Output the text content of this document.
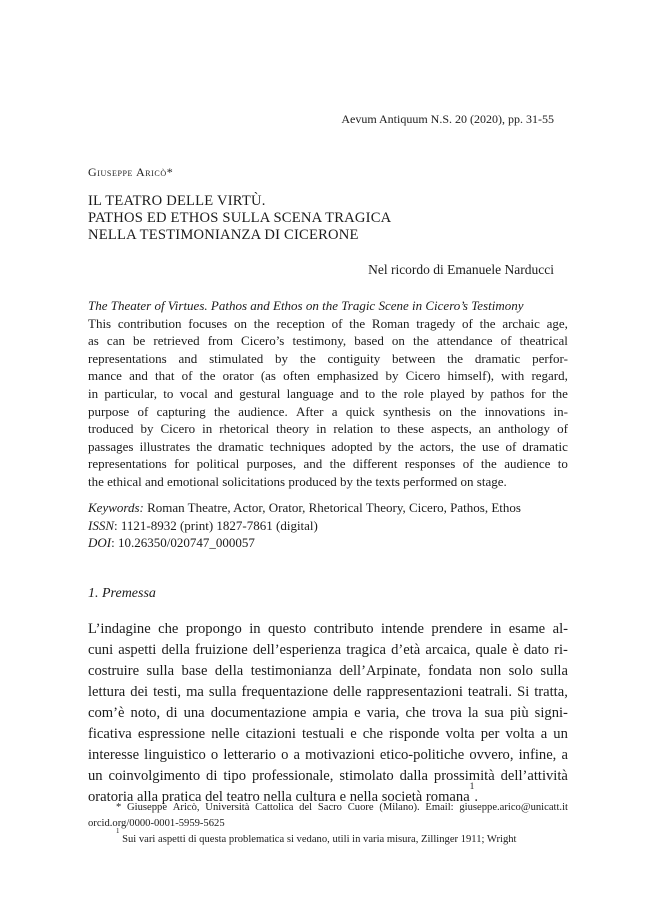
Aevum Antiquum N.S. 20 (2020), pp. 31-55
Giuseppe Aricò*
IL TEATRO DELLE VIRTÙ.
PATHOS ED ETHOS SULLA SCENA TRAGICA
NELLA TESTIMONIANZA DI CICERONE
Nel ricordo di Emanuele Narducci
The Theater of Virtues. Pathos and Ethos on the Tragic Scene in Cicero’s Testimony
This contribution focuses on the reception of the Roman tragedy of the archaic age,
as can be retrieved from Cicero’s testimony, based on the attendance of theatrical
representations and stimulated by the contiguity between the dramatic perfor-
mance and that of the orator (as often emphasized by Cicero himself), with regard,
in particular, to vocal and gestural language and to the role played by pathos for the
purpose of capturing the audience. After a quick synthesis on the innovations in-
troduced by Cicero in rhetorical theory in relation to these aspects, an anthology of
passages illustrates the dramatic techniques adopted by the actors, the use of dramatic
representations for political purposes, and the different responses of the audience to
the ethical and emotional solicitations produced by the texts performed on stage.
Keywords: Roman Theatre, Actor, Orator, Rhetorical Theory, Cicero, Pathos, Ethos
ISSN: 1121-8932 (print) 1827-7861 (digital)
DOI: 10.26350/020747_000057
1. Premessa
L’indagine che propongo in questo contributo intende prendere in esame al-
cuni aspetti della fruizione dell’esperienza tragica d’età arcaica, quale è dato ri-
costruire sulla base della testimonianza dell’Arpinate, fondata non solo sulla
lettura dei testi, ma sulla frequentazione delle rappresentazioni teatrali. Si tratta,
com’è noto, di una documentazione ampia e varia, che trova la sua più signi-
ficativa espressione nelle citazioni testuali e che risponde volta per volta a un
interesse linguistico o letterario o a motivazioni etico-politiche ovvero, infine, a
un coinvolgimento di tipo professionale, stimolato dalla prossimità dell’attività
oratoria alla pratica del teatro nella cultura e nella società romana
1
.
* Giuseppe Aricò, Università Cattolica del Sacro Cuore (Milano). Email: giuseppe.arico@unicatt.it
orcid.org/0000-0001-5959-5625
1

Sui vari aspetti di questa problematica si vedano, utili in varia misura, Zillinger 1911; Wright
